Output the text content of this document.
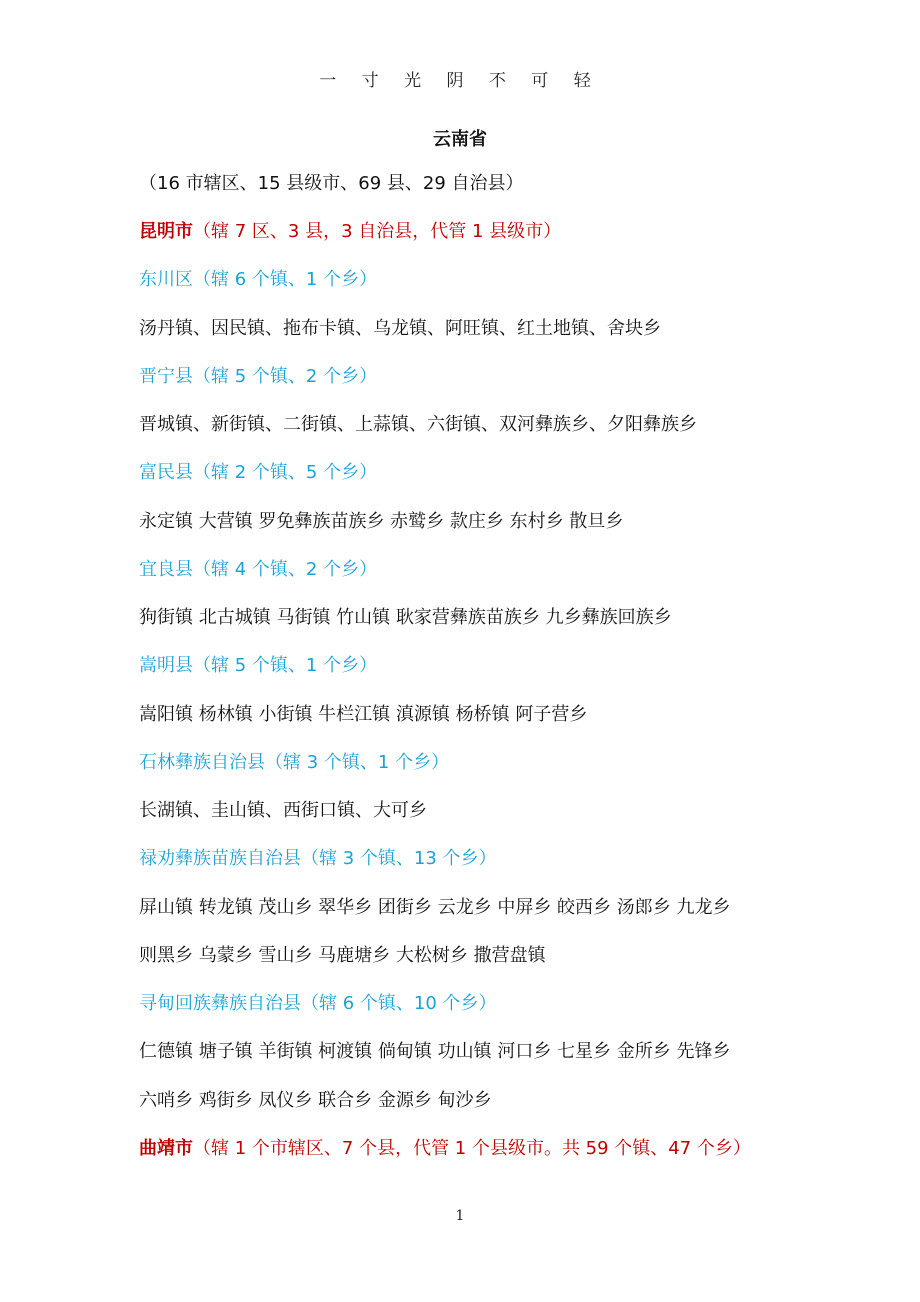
一 寸 光 阴 不 可 轻
云南省
（16 市辖区、15 县级市、69 县、29 自治县）
昆明市（辖 7 区、3 县，3 自治县，代管 1 县级市）
东川区（辖 6 个镇、1 个乡）
汤丹镇、因民镇、拖布卡镇、乌龙镇、阿旺镇、红土地镇、舍块乡
晋宁县（辖 5 个镇、2 个乡）
晋城镇、新街镇、二街镇、上蒜镇、六街镇、双河彝族乡、夕阳彝族乡
富民县（辖 2 个镇、5 个乡）
永定镇 大营镇 罗免彝族苗族乡 赤鹫乡 款庄乡 东村乡 散旦乡
宜良县（辖 4 个镇、2 个乡）
狗街镇 北古城镇 马街镇 竹山镇 耿家营彝族苗族乡 九乡彝族回族乡
嵩明县（辖 5 个镇、1 个乡）
嵩阳镇 杨林镇 小街镇 牛栏江镇 滇源镇 杨桥镇 阿子营乡
石林彝族自治县（辖 3 个镇、1 个乡）
长湖镇、圭山镇、西街口镇、大可乡
禄劝彝族苗族自治县（辖 3 个镇、13 个乡）
屏山镇 转龙镇 茂山乡 翠华乡 团街乡 云龙乡 中屏乡 皎西乡 汤郎乡 九龙乡
则黑乡 乌蒙乡 雪山乡 马鹿塘乡 大松树乡 撒营盘镇
寻甸回族彝族自治县（辖 6 个镇、10 个乡）
仁德镇 塘子镇 羊街镇 柯渡镇 倘甸镇 功山镇 河口乡 七星乡 金所乡 先锋乡
六哨乡 鸡街乡 凤仪乡 联合乡 金源乡 甸沙乡
曲靖市（辖 1 个市辖区、7 个县，代管 1 个县级市。共 59 个镇、47 个乡）
1
